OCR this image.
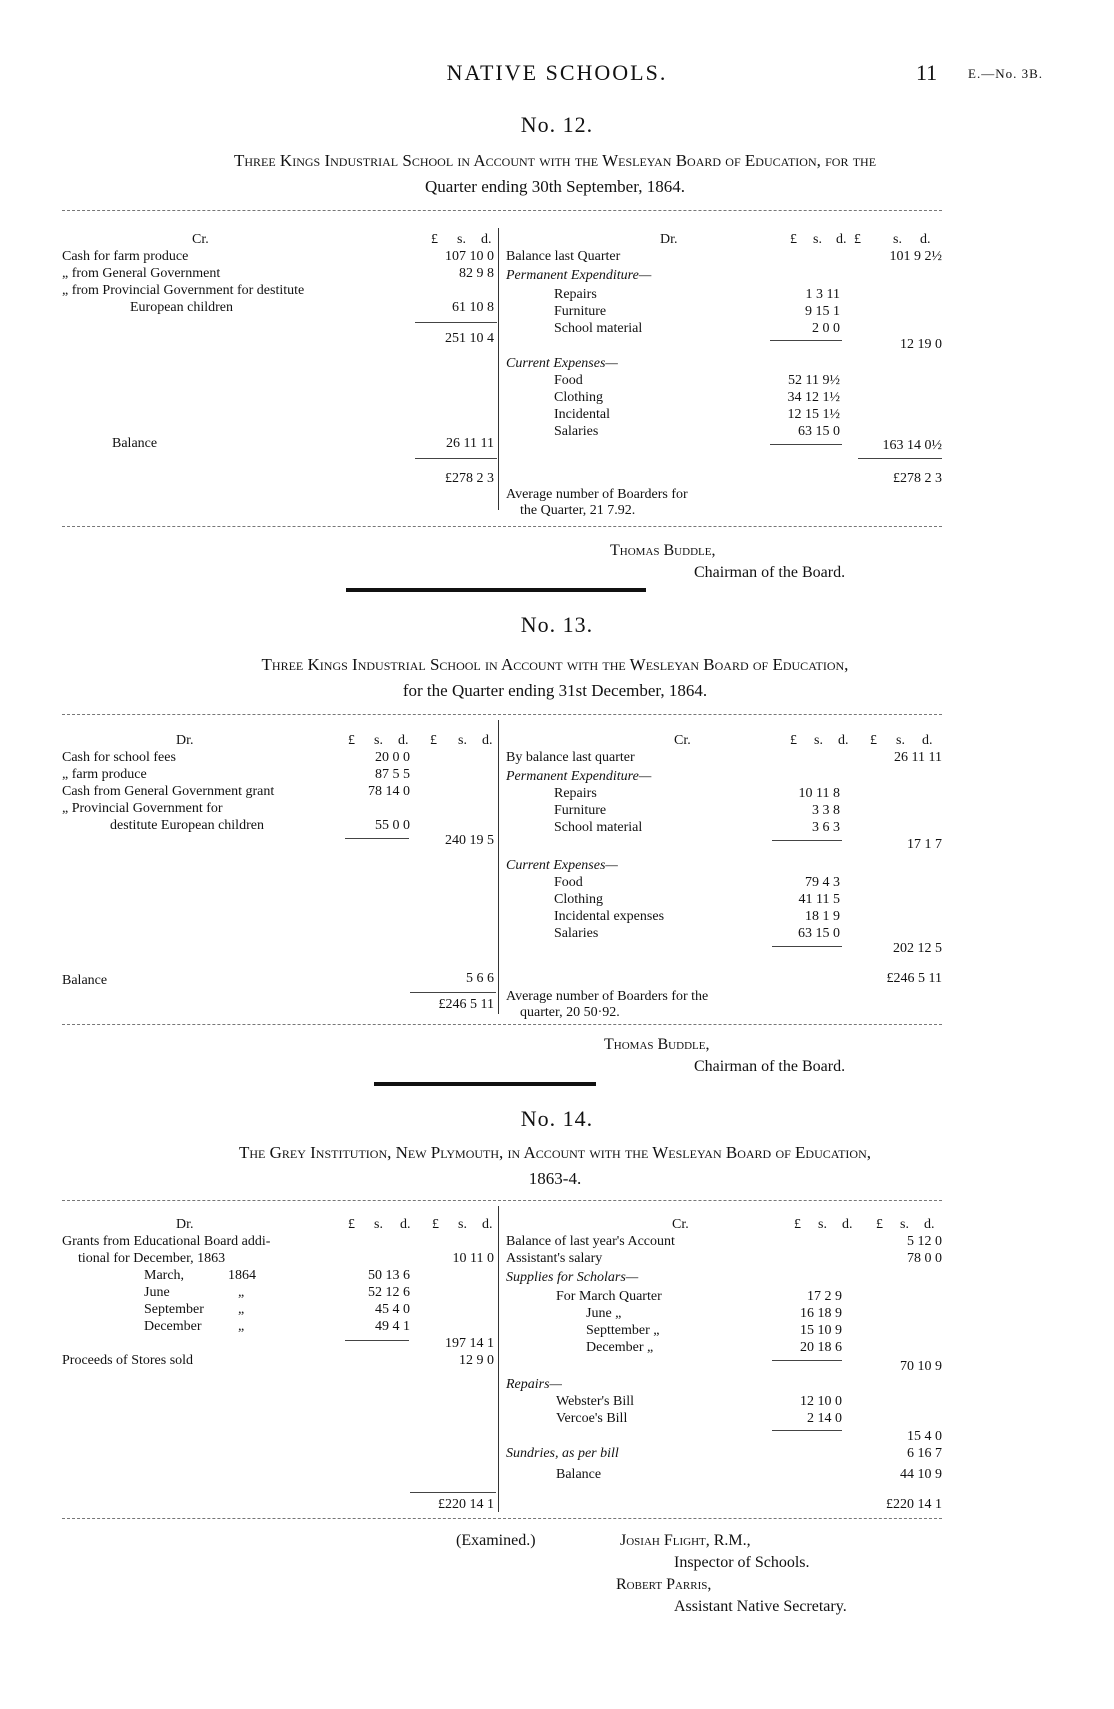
NATIVE SCHOOLS.	11 E.—No. 3B.
No. 12.
Three Kings Industrial School in Account with the Wesleyan Board of Education, for the
Quarter ending 30th September, 1864.
Cr.	£ s. d.
Cash for farm produce	107 10 0
„ from General Government	82 9 8
„ from Provincial Government for destitute
European children	61 10 8
251 10 4
Balance	26 11 11
£278 2 3
Dr.	£ s. d. £ s. d.
Balance last Quarter	101 9 2½
Permanent Expenditure—
Repairs	1 3 11
Furniture	9 15 1
School material	2 0 0
12 19 0
Current Expenses—
Food	52 11 9½
Clothing	34 12 1½
Incidental	12 15 1½
Salaries	63 15 0
163 14 0½
£278 2 3
Average number of Boarders for
the Quarter, 21 7.92.
Thomas Buddle,
Chairman of the Board.
No. 13.
Three Kings Industrial School in Account with the Wesleyan Board of Education,
for the Quarter ending 31st December, 1864.
Dr.	£ s. d. £ s. d.
Cash for school fees	20 0 0
„ farm produce	87 5 5
Cash from General Government grant	78 14 0
„ Provincial Government for
destitute European children	55 0 0
240 19 5
Balance	5 6 6
£246 5 11
Cr.	£ s. d. £ s. d.
By balance last quarter	26 11 11
Permanent Expenditure—
Repairs	10 11 8
Furniture	3 3 8
School material	3 6 3
17 1 7
Current Expenses—
Food	79 4 3
Clothing	41 11 5
Incidental expenses	18 1 9
Salaries	63 15 0
202 12 5
£246 5 11
Average number of Boarders for the
quarter, 20 50·92.
Thomas Buddle,
Chairman of the Board.
No. 14.
The Grey Institution, New Plymouth, in Account with the Wesleyan Board of Education,
1863-4.
Dr.	£ s. d. £ s. d.
Grants from Educational Board addi-
tional for December, 1863	10 11 0
March,	1864	50 13 6
June	„	52 12 6
September „	45 4 0
December	„	49 4 1
197 14 1
Proceeds of Stores sold	12 9 0
£220 14 1
Cr.	£ s. d. £ s. d.
Balance of last year's Account	5 12 0
Assistant's salary	78 0 0
Supplies for Scholars—
For March Quarter	17 2 9
June „	16 18 9
Septtember „	15 10 9
December „	20 18 6
70 10 9
Repairs—
Webster's Bill	12 10 0
Vercoe's Bill	2 14 0
15 4 0
Sundries, as per bill	6 16 7
Balance	44 10 9
£220 14 1
(Examined.)	Josiah Flight, R.M.,
Inspector of Schools.
Robert Parris,
Assistant Native Secretary.
